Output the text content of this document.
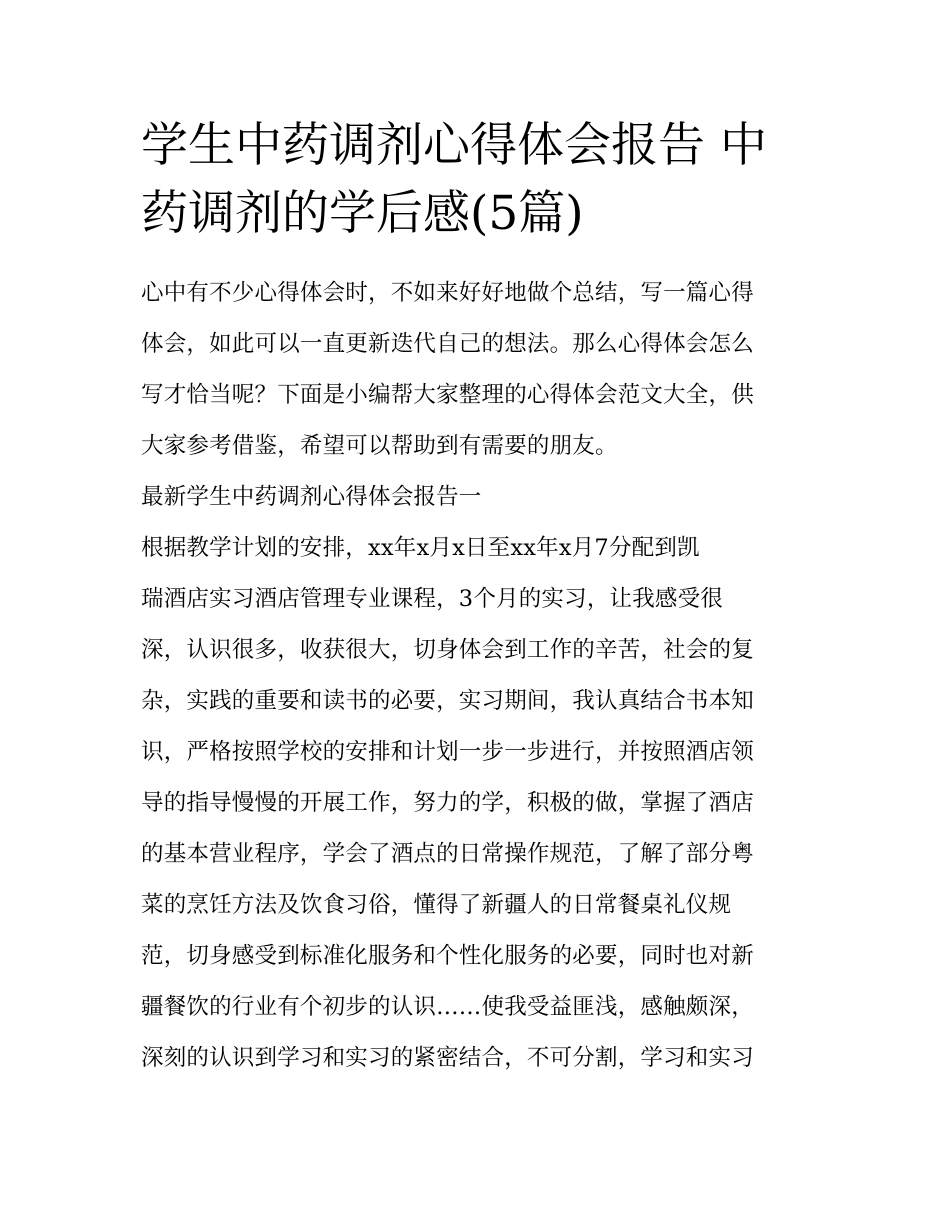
学生中药调剂心得体会报告 中
药调剂的学后感(5篇)

心中有不少心得体会时，不如来好好地做个总结，写一篇心得
体会，如此可以一直更新迭代自己的想法。那么心得体会怎么
写才恰当呢？下面是小编帮大家整理的心得体会范文大全，供
大家参考借鉴，希望可以帮助到有需要的朋友。

最新学生中药调剂心得体会报告一

根据教学计划的安排，xx年x月x日至xx年x月7分配到凯
瑞酒店实习酒店管理专业课程，3个月的实习，让我感受很
深，认识很多，收获很大，切身体会到工作的辛苦，社会的复
杂，实践的重要和读书的必要，实习期间，我认真结合书本知
识，严格按照学校的安排和计划一步一步进行，并按照酒店领
导的指导慢慢的开展工作，努力的学，积极的做，掌握了酒店
的基本营业程序，学会了酒点的日常操作规范，了解了部分粤
菜的烹饪方法及饮食习俗，懂得了新疆人的日常餐桌礼仪规
范，切身感受到标准化服务和个性化服务的必要，同时也对新
疆餐饮的行业有个初步的认识……使我受益匪浅，感触颇深，
深刻的认识到学习和实习的紧密结合，不可分割，学习和实习
